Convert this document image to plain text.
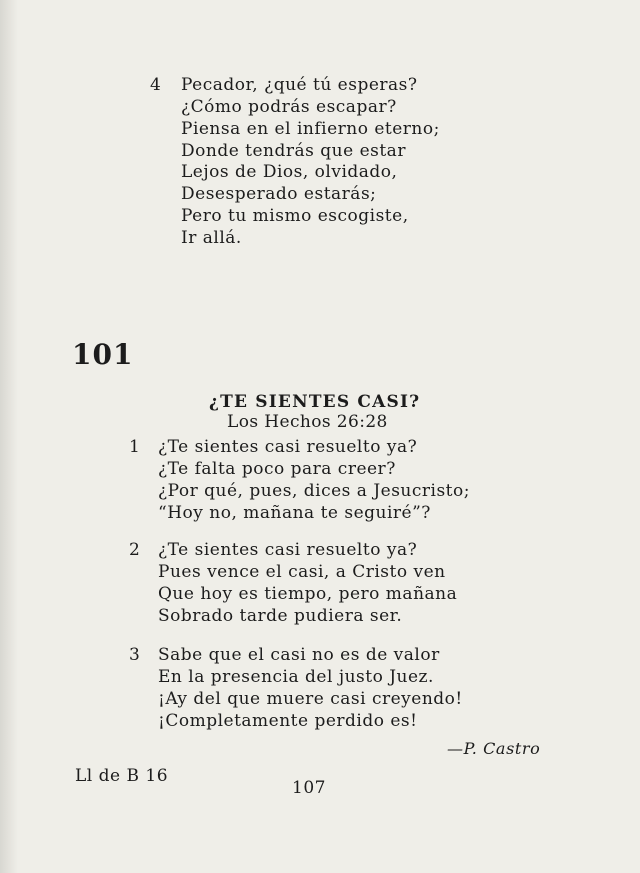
4 Pecador, ¿qué tú esperas?
¿Cómo podrás escapar?
Piensa en el infierno eterno;
Donde tendrás que estar
Lejos de Dios, olvidado,
Desesperado estarás;
Pero tu mismo escogiste,
Ir allá.
101
¿TE SIENTES CASI?
Los Hechos 26:28
1 ¿Te sientes casi resuelto ya?
¿Te falta poco para creer?
¿Por qué, pues, dices a Jesucristo;
“Hoy no, mañana te seguiré”?
2 ¿Te sientes casi resuelto ya?
Pues vence el casi, a Cristo ven
Que hoy es tiempo, pero mañana
Sobrado tarde pudiera ser.
3 Sabe que el casi no es de valor
En la presencia del justo Juez.
¡Ay del que muere casi creyendo!
¡Completamente perdido es!
—P. Castro
Ll de B 16
107
